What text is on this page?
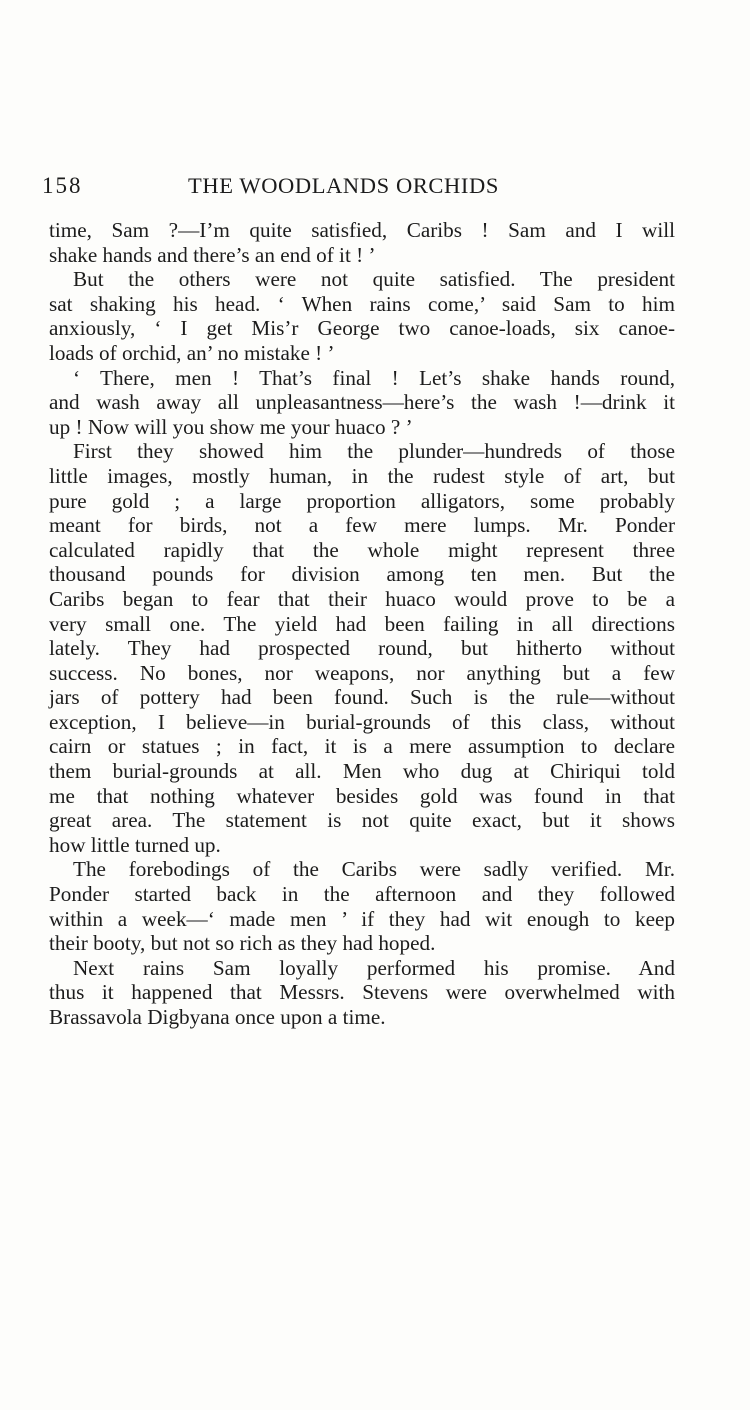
158	THE WOODLANDS ORCHIDS
time, Sam ?—I’m quite satisfied, Caribs ! Sam and I will
shake hands and there’s an end of it ! ’
But the others were not quite satisfied. The president
sat shaking his head. ‘ When rains come,’ said Sam to him
anxiously, ‘ I get Mis’r George two canoe-loads, six canoe-
loads of orchid, an’ no mistake ! ’
‘ There, men ! That’s final ! Let’s shake hands round,
and wash away all unpleasantness—here’s the wash !—drink it
up ! Now will you show me your huaco ? ’
First they showed him the plunder—hundreds of those
little images, mostly human, in the rudest style of art, but
pure gold ; a large proportion alligators, some probably
meant for birds, not a few mere lumps. Mr. Ponder
calculated rapidly that the whole might represent three
thousand pounds for division among ten men. But the
Caribs began to fear that their huaco would prove to be a
very small one. The yield had been failing in all directions
lately. They had prospected round, but hitherto without
success. No bones, nor weapons, nor anything but a few
jars of pottery had been found. Such is the rule—without
exception, I believe—in burial-grounds of this class, without
cairn or statues ; in fact, it is a mere assumption to declare
them burial-grounds at all. Men who dug at Chiriqui told
me that nothing whatever besides gold was found in that
great area. The statement is not quite exact, but it shows
how little turned up.
The forebodings of the Caribs were sadly verified. Mr.
Ponder started back in the afternoon and they followed
within a week—‘ made men ’ if they had wit enough to keep
their booty, but not so rich as they had hoped.
Next rains Sam loyally performed his promise. And
thus it happened that Messrs. Stevens were overwhelmed with
Brassavola Digbyana once upon a time.
